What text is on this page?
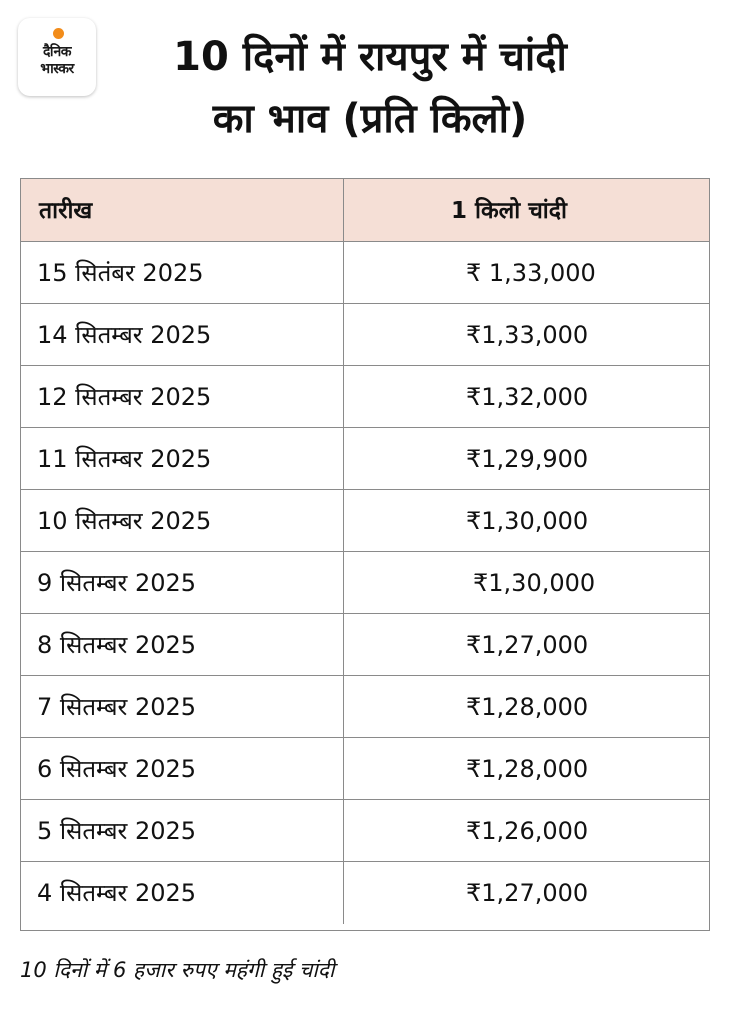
दैनिक
भास्कर	10 दिनों में रायपुर में चांदी
का भाव (प्रति किलो)
तारीख	1 किलो चांदी
15 सितंबर 2025	₹ 1,33,000
14 सितम्बर 2025	₹1,33,000
12 सितम्बर 2025	₹1,32,000
11 सितम्बर 2025	₹1,29,900
10 सितम्बर 2025	₹1,30,000
9 सितम्बर 2025	₹1,30,000
8 सितम्बर 2025	₹1,27,000
7 सितम्बर 2025	₹1,28,000
6 सितम्बर 2025	₹1,28,000
5 सितम्बर 2025	₹1,26,000
4 सितम्बर 2025	₹1,27,000
10 दिनों में 6 हजार रुपए महंगी हुई चांदी
